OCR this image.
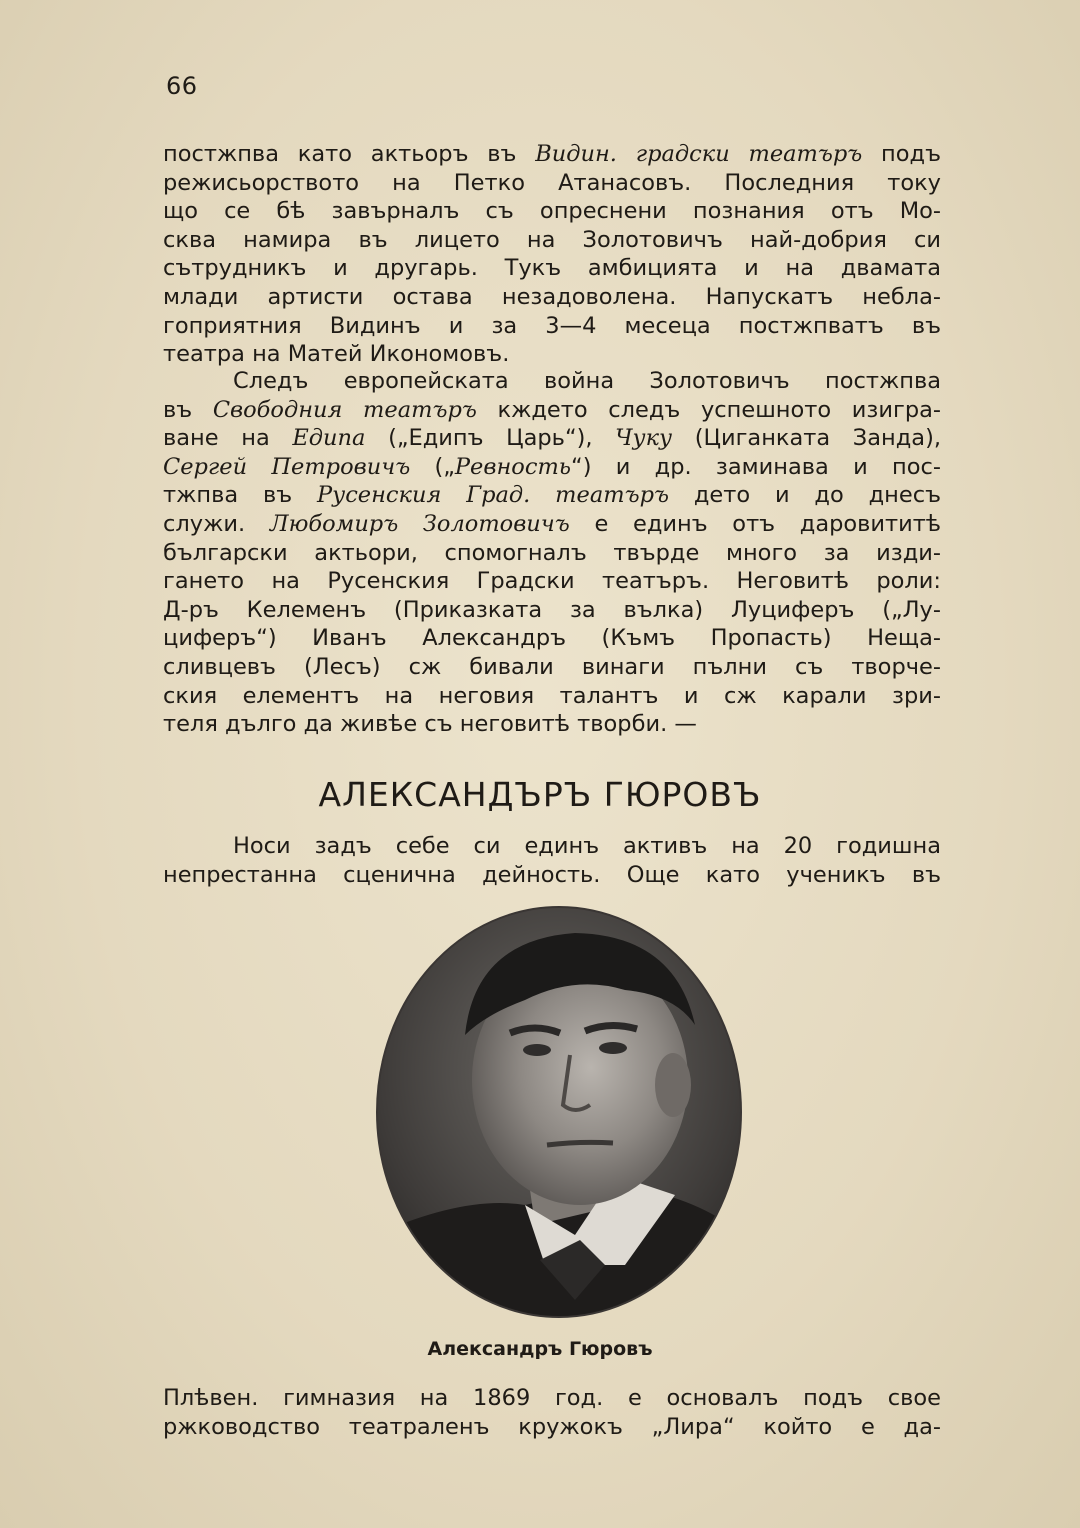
66
постжпва като актьоръ въ Видин. градски театъръ подъ
режисьорството на Петко Атанасовъ. Последния току
що се бѣ завърналъ съ опреснени познания отъ Мо-
сква намира въ лицето на Золотовичъ най-добрия си
сътрудникъ и другарь. Тукъ амбицията и на двамата
млади артисти остава незадоволена. Напускатъ небла-
гоприятния Видинъ и за 3—4 месеца постжпватъ въ
театра на Матей Икономовъ.
Следъ европейската война Золотовичъ постжпва
въ Свободния театъръ кждето следъ успешното изигра-
ване на Едипа („Едипъ Царь“), Чуку (Циганката Занда),
Сергей Петровичъ („Ревность“) и др. заминава и пос-
тжпва въ Русенския Град. театъръ дето и до днесъ
служи. Любомиръ Золотовичъ е единъ отъ даровититѣ
български актьори, спомогналъ твърде много за изди-
гането на Русенския Градски театъръ. Неговитѣ роли:
Д-ръ Келеменъ (Приказката за вълка) Луциферъ („Лу-
циферъ“) Иванъ Александръ (Къмъ Пропасть) Неща-
сливцевъ (Лесъ) сж бивали винаги пълни съ творче-
ския елементъ на неговия талантъ и сж карали зри-
теля дълго да живѣе съ неговитѣ творби. —
АЛЕКСАНДЪРЪ ГЮРОВЪ
Носи задъ себе си единъ активъ на 20 годишна
непрестанна сценична дейность. Още като ученикъ въ
Александръ Гюровъ
Плѣвен. гимназия на 1869 год. е основалъ подъ свое
ржководство театраленъ кружокъ „Лира“ който е да-
